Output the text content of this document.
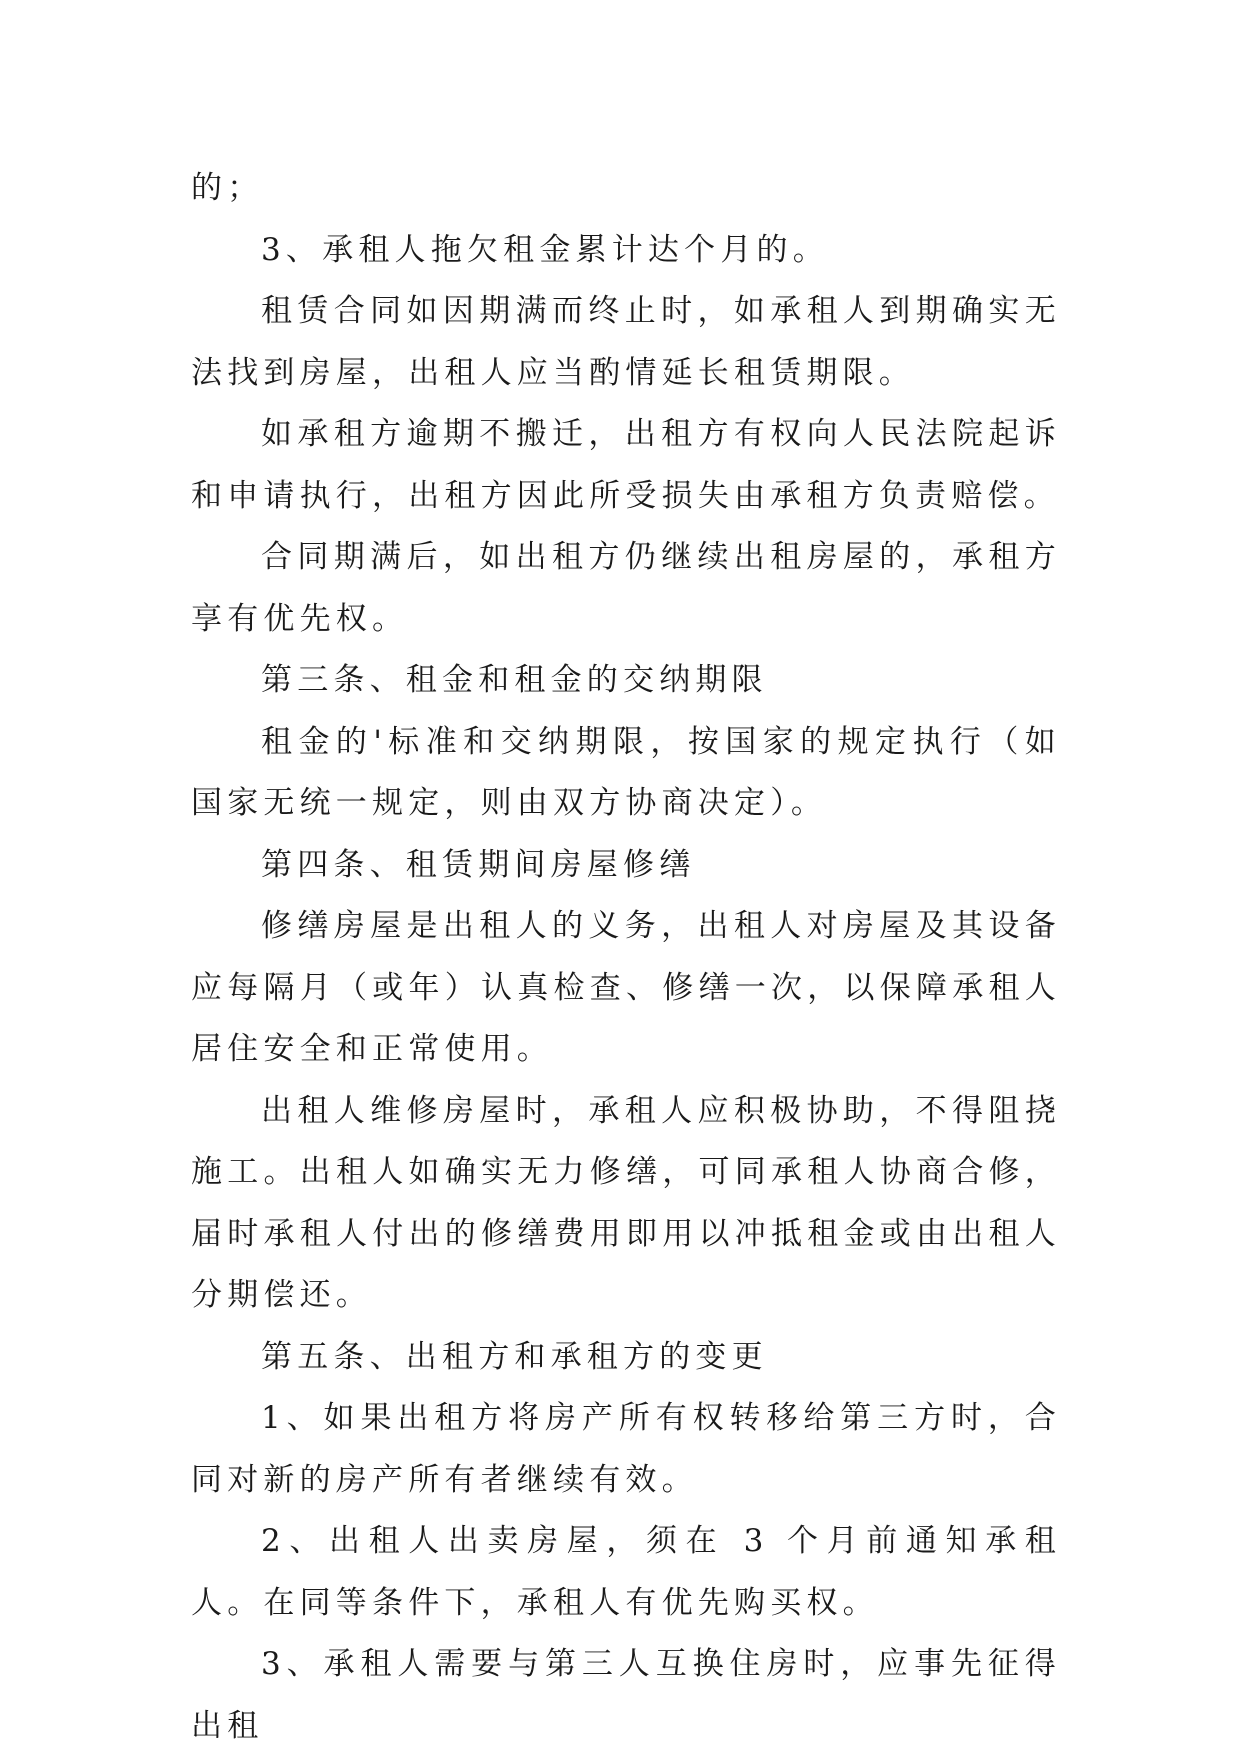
的；

3、承租人拖欠租金累计达个月的。

租赁合同如因期满而终止时，如承租人到期确实无法找到房屋，出租人应当酌情延长租赁期限。

如承租方逾期不搬迁，出租方有权向人民法院起诉和申请执行，出租方因此所受损失由承租方负责赔偿。

合同期满后，如出租方仍继续出租房屋的，承租方享有优先权。

第三条、租金和租金的交纳期限

租金的'标准和交纳期限，按国家的规定执行（如国家无统一规定，则由双方协商决定）。

第四条、租赁期间房屋修缮

修缮房屋是出租人的义务，出租人对房屋及其设备应每隔月（或年）认真检查、修缮一次，以保障承租人居住安全和正常使用。

出租人维修房屋时，承租人应积极协助，不得阻挠施工。出租人如确实无力修缮，可同承租人协商合修，届时承租人付出的修缮费用即用以冲抵租金或由出租人分期偿还。

第五条、出租方和承租方的变更

1、如果出租方将房产所有权转移给第三方时，合同对新的房产所有者继续有效。

2、出租人出卖房屋，须在 3 个月前通知承租人。在同等条件下，承租人有优先购买权。

3、承租人需要与第三人互换住房时，应事先征得出租
